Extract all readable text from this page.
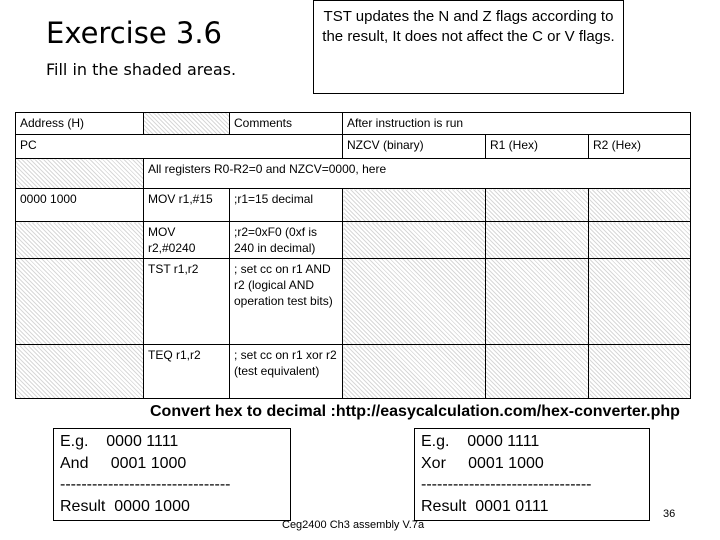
Exercise 3.6
Fill in the shaded areas.
TST updates the N and Z flags according to the result, It does not affect the C or V flags.
Address (H)		Comments	After instruction is run		
PC			NZCV (binary)	R1 (Hex)	R2 (Hex)
	All registers R0-R2=0 and NZCV=0000, here				
0000 1000	MOV r1,#15	;r1=15 decimal			
	MOV r2,#0240	;r2=0xF0 (0xf is 240 in decimal)			
	TST r1,r2	; set cc on r1 AND r2 (logical AND operation test bits)			
	TEQ r1,r2	; set cc on r1 xor r2 (test equivalent)			
Convert hex to decimal :http://easycalculation.com/hex-converter.php
E.g.    0000 1111
And     0001 1000
--------------------------------
Result  0000 1000
E.g.    0000 1111
Xor     0001 1000
--------------------------------
Result  0001 0111
Ceg2400 Ch3 assembly V.7a
36
